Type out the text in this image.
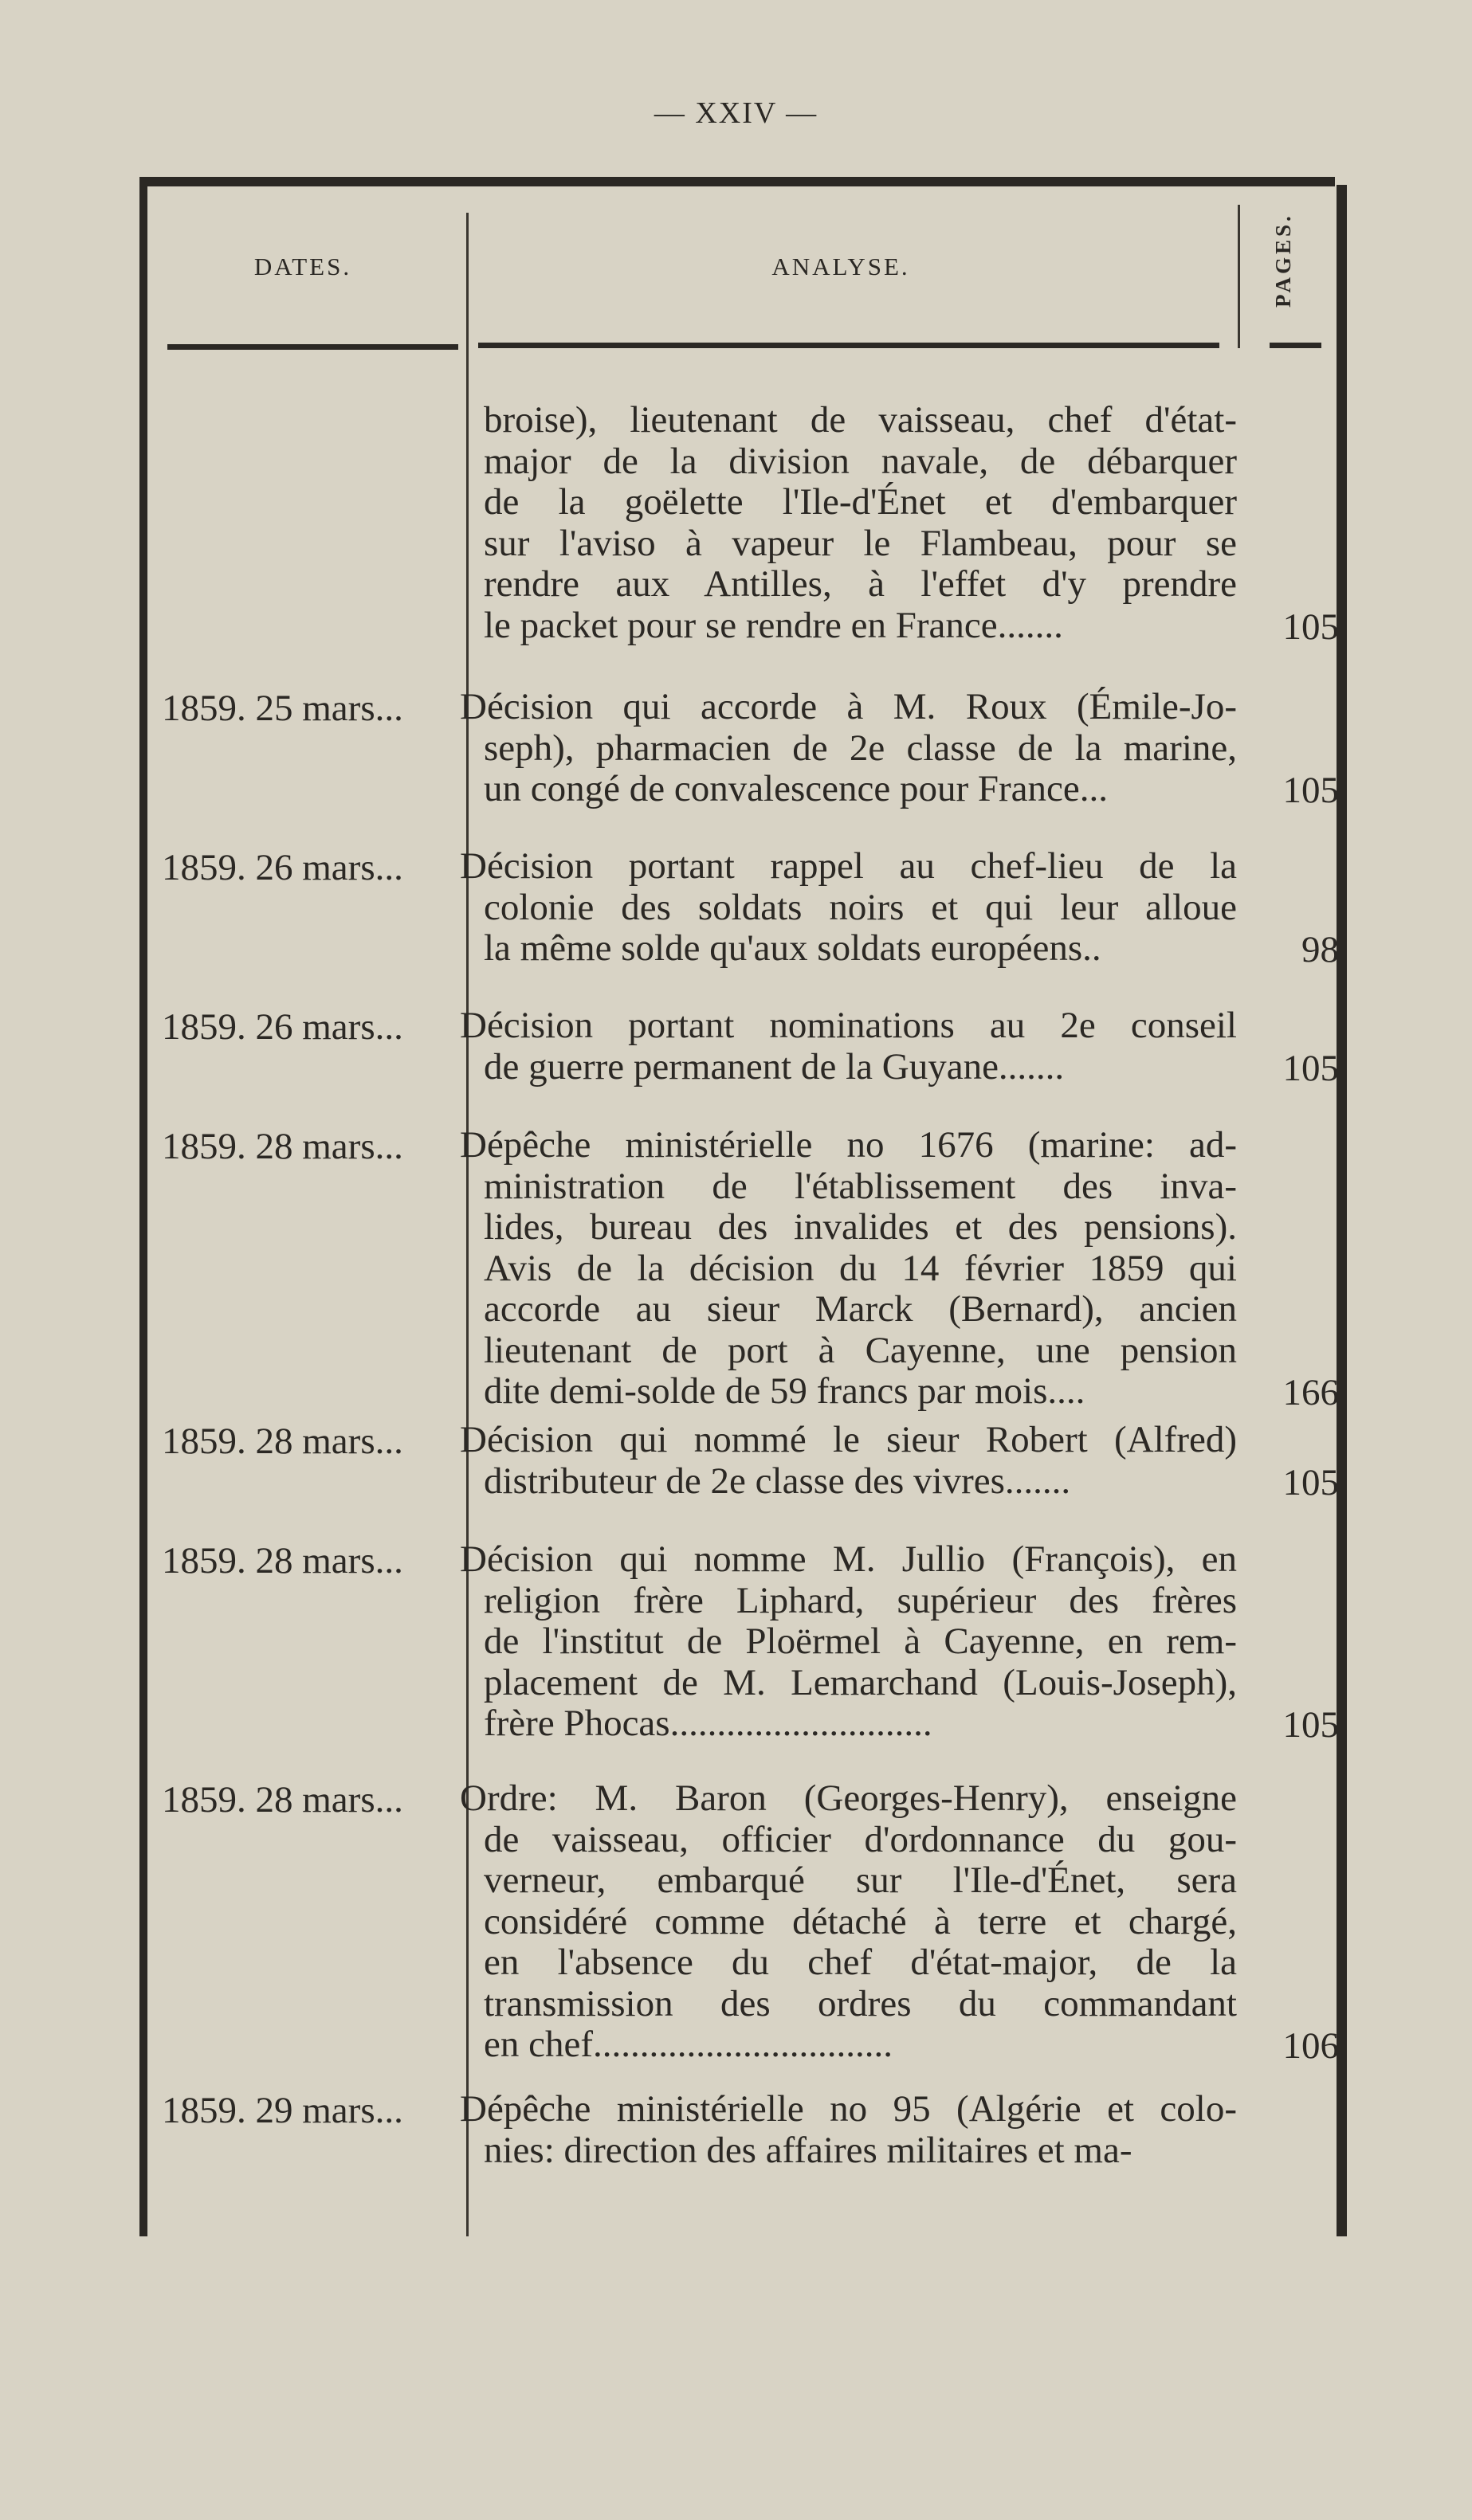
— XXIV —
DATES.	ANALYSE.	PAGES.
broise), lieutenant de vaisseau, chef d'état-
major de la division navale, de débarquer
de la goëlette l'Ile-d'Énet et d'embarquer
sur l'aviso à vapeur le Flambeau, pour se
rendre aux Antilles, à l'effet d'y prendre
le packet pour se rendre en France.......	105
1859. 25 mars... Décision qui accorde à M. Roux (Émile-Jo-
seph), pharmacien de 2e classe de la marine,
un congé de convalescence pour France...	105
1859. 26 mars... Décision portant rappel au chef-lieu de la
colonie des soldats noirs et qui leur alloue
la même solde qu'aux soldats européens..	98
1859. 26 mars... Décision portant nominations au 2e conseil
de guerre permanent de la Guyane.......	105
1859. 28 mars... Dépêche ministérielle no 1676 (marine: ad-
ministration de l'établissement des inva-
lides, bureau des invalides et des pensions).
Avis de la décision du 14 février 1859 qui
accorde au sieur Marck (Bernard), ancien
lieutenant de port à Cayenne, une pension
dite demi-solde de 59 francs par mois....	166
1859. 28 mars... Décision qui nommé le sieur Robert (Alfred)
distributeur de 2e classe des vivres.......	105
1859. 28 mars... Décision qui nomme M. Jullio (François), en
religion frère Liphard, supérieur des frères
de l'institut de Ploërmel à Cayenne, en rem-
placement de M. Lemarchand (Louis-Joseph),
frère Phocas............................	105
1859. 28 mars... Ordre: M. Baron (Georges-Henry), enseigne
de vaisseau, officier d'ordonnance du gou-
verneur, embarqué sur l'Ile-d'Énet, sera
considéré comme détaché à terre et chargé,
en l'absence du chef d'état-major, de la
transmission des ordres du commandant
en chef................................	106
1859. 29 mars... Dépêche ministérielle no 95 (Algérie et colo-
nies: direction des affaires militaires et ma-
